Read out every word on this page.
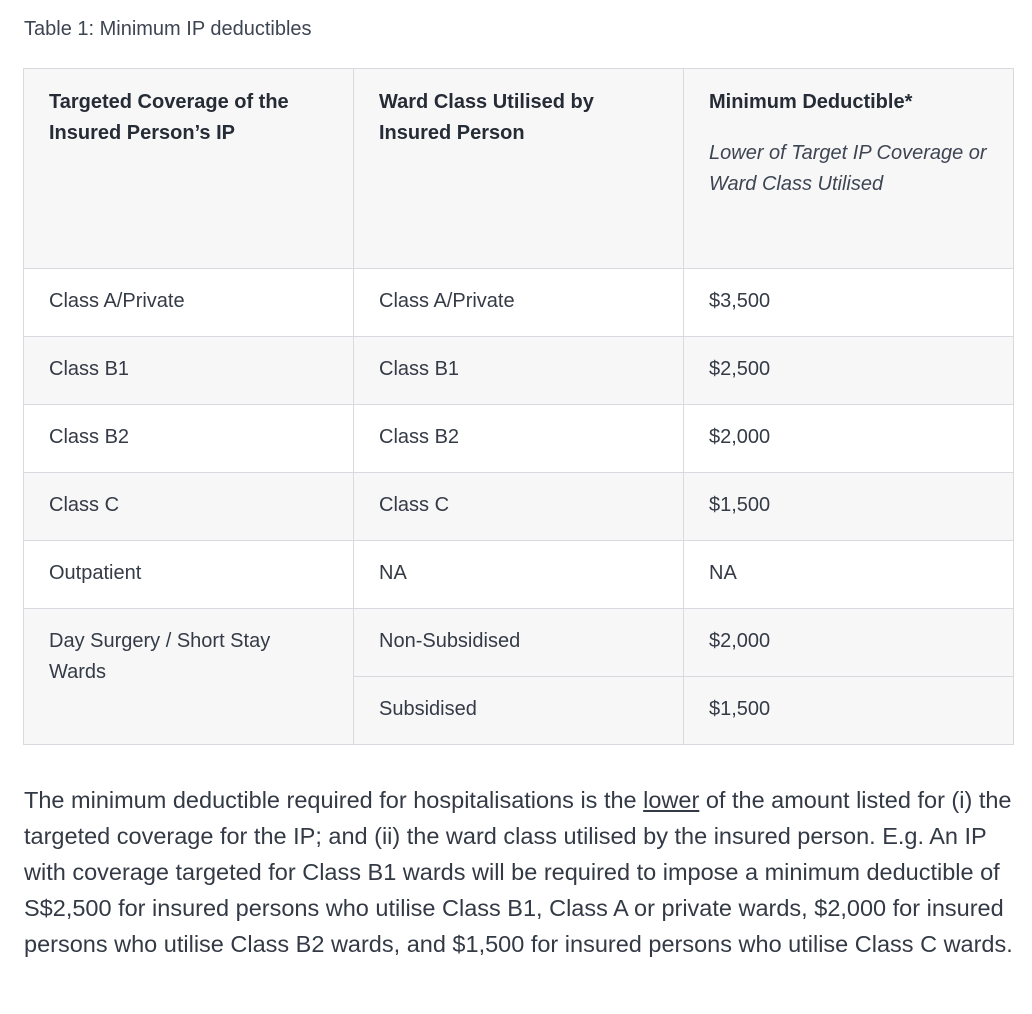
Table 1: Minimum IP deductibles
Targeted Coverage of the Insured Person’s IP	Ward Class Utilised by Insured Person	Minimum Deductible*
Lower of Target IP Coverage or Ward Class Utilised

Class A/Private	Class A/Private	$3,500
Class B1	Class B1	$2,500
Class B2	Class B2	$2,000
Class C	Class C	$1,500
Outpatient	NA	NA
Day Surgery / Short Stay Wards	Non-Subsidised	$2,000
	Subsidised	$1,500

The minimum deductible required for hospitalisations is the lower of the amount listed for (i) the targeted coverage for the IP; and (ii) the ward class utilised by the insured person. E.g. An IP with coverage targeted for Class B1 wards will be required to impose a minimum deductible of S$2,500 for insured persons who utilise Class B1, Class A or private wards, $2,000 for insured persons who utilise Class B2 wards, and $1,500 for insured persons who utilise Class C wards.
